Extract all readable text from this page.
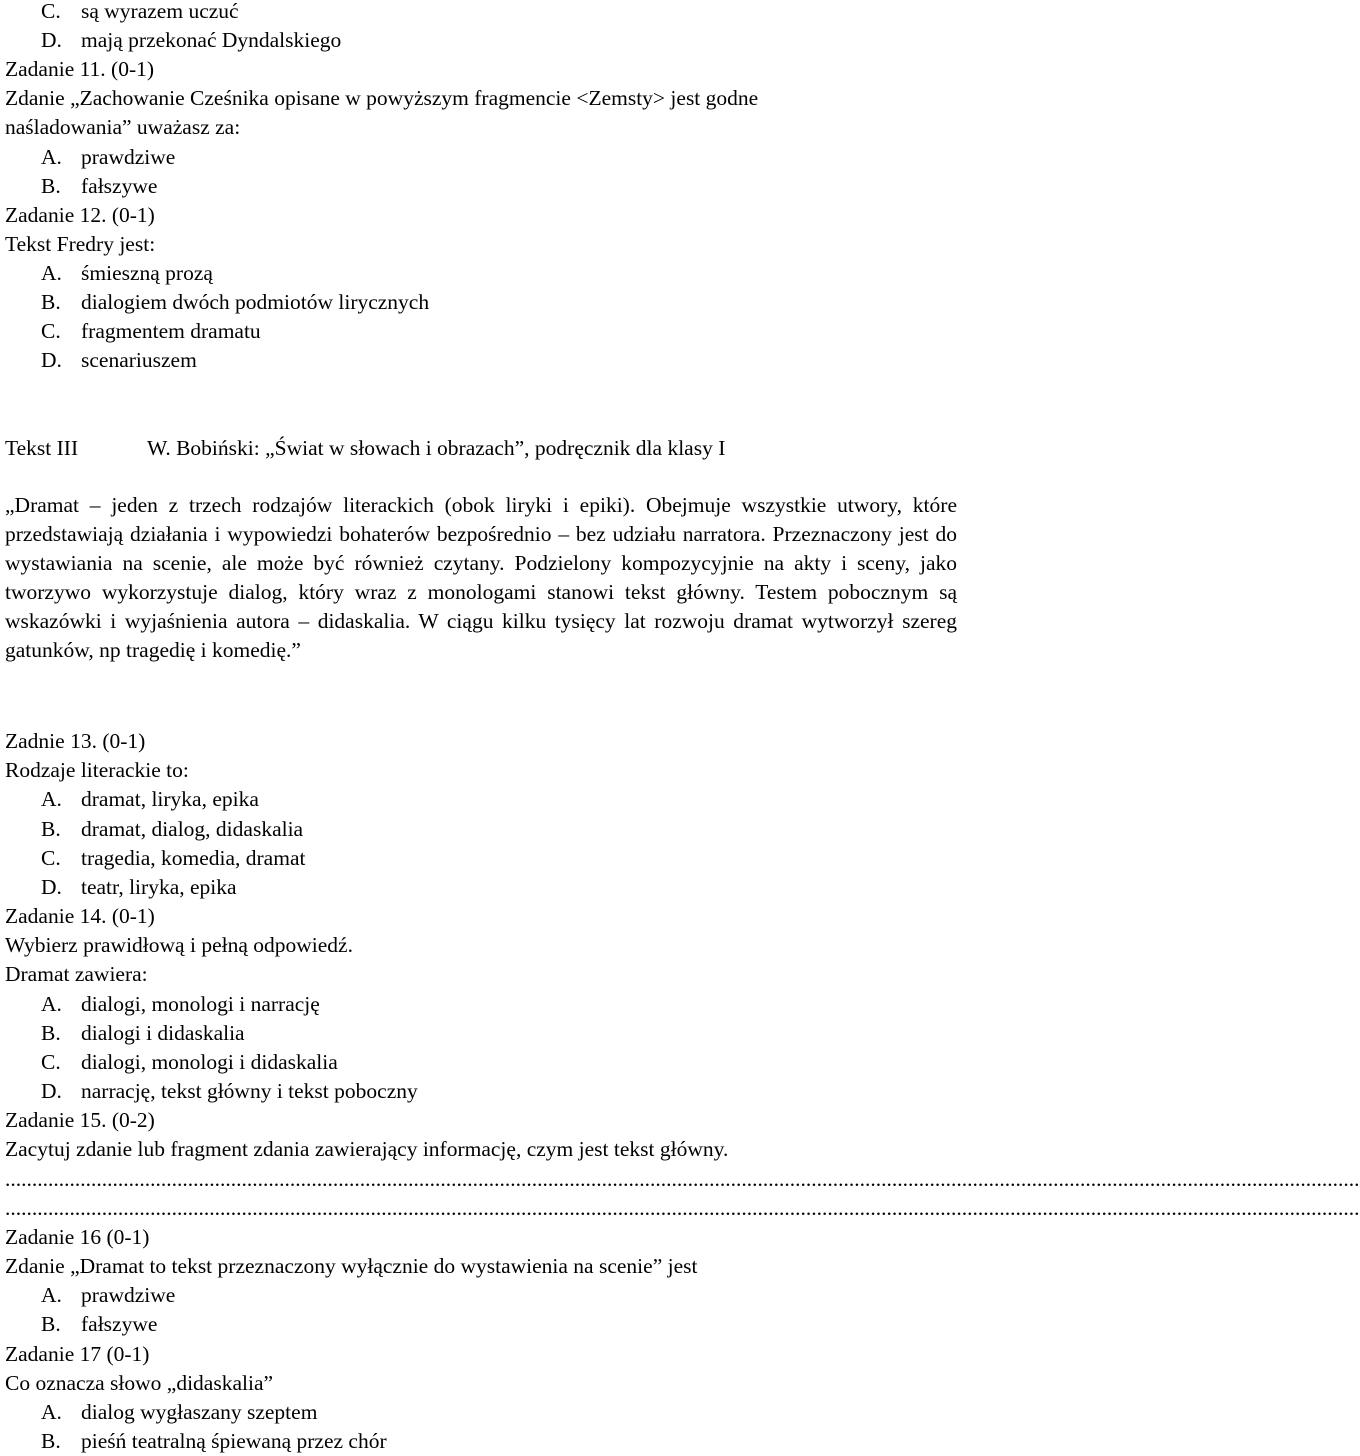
C. są wyrazem uczuć
D. mają przekonać Dyndalskiego
Zadanie 11. (0-1)
Zdanie „Zachowanie Cześnika opisane w powyższym fragmencie <Zemsty> jest godne
naśladowania” uważasz za:
A. prawdziwe
B. fałszywe
Zadanie 12. (0-1)
Tekst Fredry jest:
A. śmieszną prozą
B. dialogiem dwóch podmiotów lirycznych
C. fragmentem dramatu
D. scenariuszem
Tekst III	W. Bobiński: „Świat w słowach i obrazach”, podręcznik dla klasy I
„Dramat – jeden z trzech rodzajów literackich (obok liryki i epiki). Obejmuje wszystkie utwory, które przedstawiają działania i wypowiedzi bohaterów bezpośrednio – bez udziału narratora. Przeznaczony jest do wystawiania na scenie, ale może być również czytany. Podzielony kompozycyjnie na akty i sceny, jako tworzywo wykorzystuje dialog, który wraz z monologami stanowi tekst główny. Testem pobocznym są wskazówki i wyjaśnienia autora – didaskalia. W ciągu kilku tysięcy lat rozwoju dramat wytworzył szereg gatunków, np tragedię i komedię.”
Zadnie 13. (0-1)
Rodzaje literackie to:
A. dramat, liryka, epika
B. dramat, dialog, didaskalia
C. tragedia, komedia, dramat
D. teatr, liryka, epika
Zadanie 14. (0-1)
Wybierz prawidłową i pełną odpowiedź.
Dramat zawiera:
A. dialogi, monologi i narrację
B. dialogi i didaskalia
C. dialogi, monologi i didaskalia
D. narrację, tekst główny i tekst poboczny
Zadanie 15. (0-2)
Zacytuj zdanie lub fragment zdania zawierający informację, czym jest tekst główny.
............................................................................................................................................................................................................................................................
............................................................................................................................................................................................................................................................
Zadanie 16 (0-1)
Zdanie „Dramat to tekst przeznaczony wyłącznie do wystawienia na scenie” jest
A. prawdziwe
B. fałszywe
Zadanie 17 (0-1)
Co oznacza słowo „didaskalia”
A. dialog wygłaszany szeptem
B. pieśń teatralną śpiewaną przez chór
